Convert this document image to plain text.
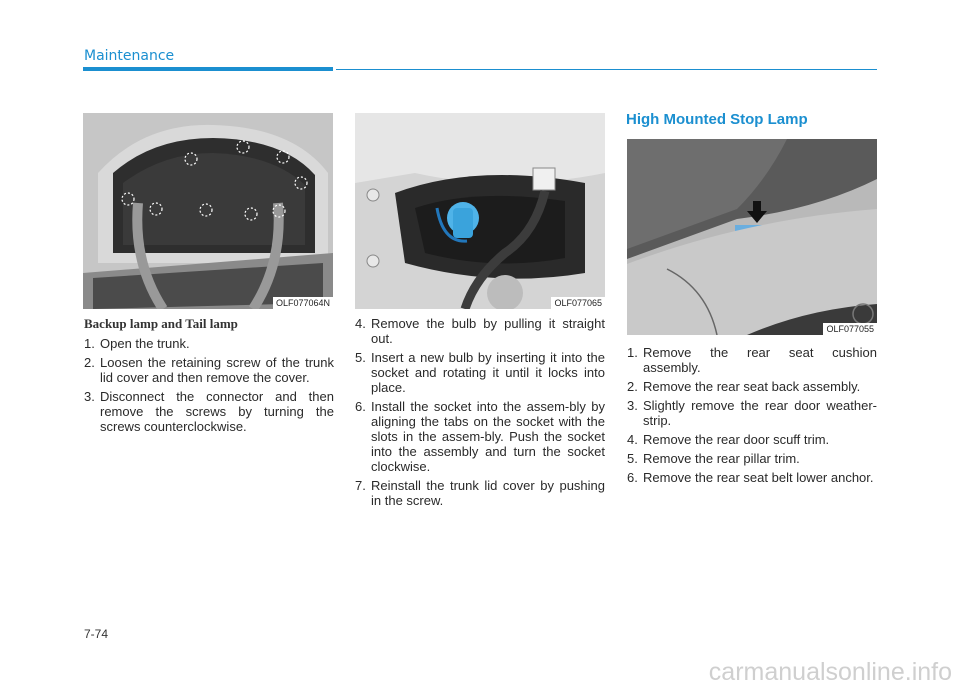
Maintenance
OLF077064N	OLF077065
OLF077055
Backup lamp and Tail lamp
1. Open the trunk.
2. Loosen the retaining screw of the trunk lid cover and then remove the cover.
3. Disconnect the connector and then remove the screws by turning the screws counterclockwise.
4. Remove the bulb by pulling it straight out.
5. Insert a new bulb by inserting it into the socket and rotating it until it locks into place.
6. Install the socket into the assem-bly by aligning the tabs on the socket with the slots in the assem-bly. Push the socket into the assembly and turn the socket clockwise.
7. Reinstall the trunk lid cover by pushing in the screw.
High Mounted Stop Lamp
1. Remove the rear seat cushion assembly.
2. Remove the rear seat back assembly.
3. Slightly remove the rear door weather-strip.
4. Remove the rear door scuff trim.
5. Remove the rear pillar trim.
6. Remove the rear seat belt lower anchor.
7-74
carmanualsonline.info
